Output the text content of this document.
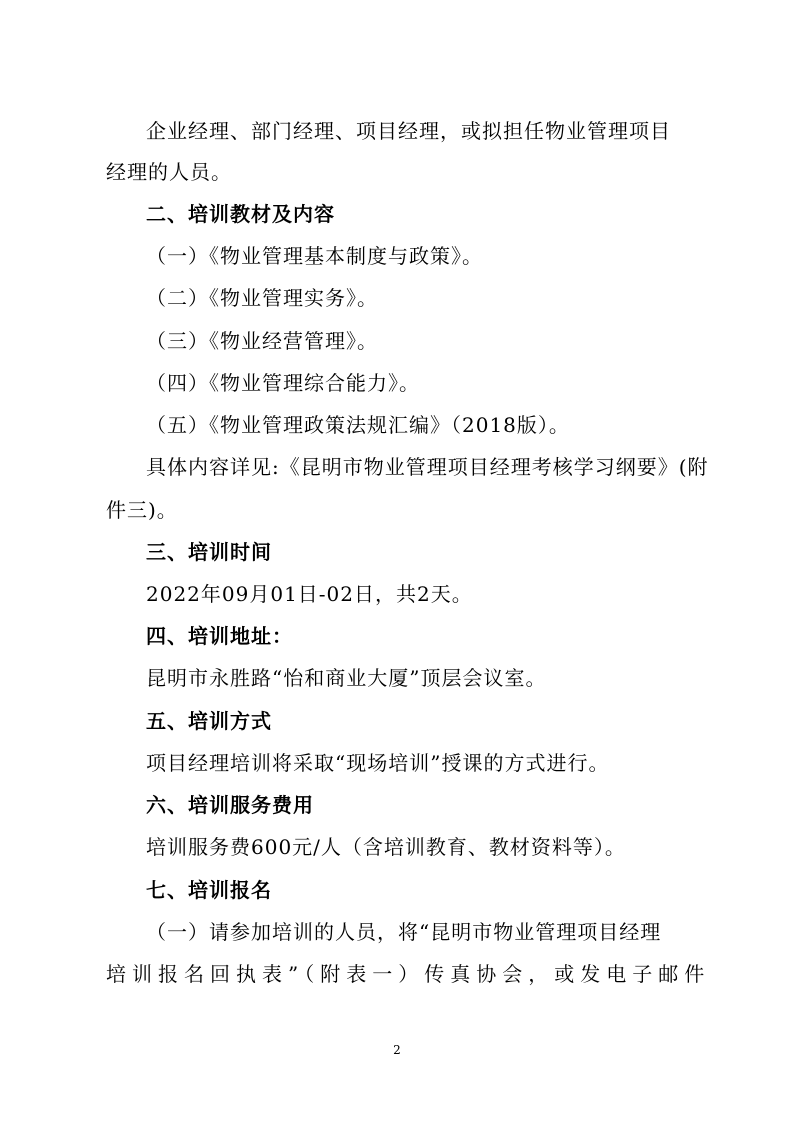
企业经理、部门经理、项目经理，或拟担任物业管理项目
经理的人员。
二、培训教材及内容
（一）《物业管理基本制度与政策》。
（二）《物业管理实务》。
（三）《物业经营管理》。
（四）《物业管理综合能力》。
（五）《物业管理政策法规汇编》（2018版）。
具体内容详见:《昆明市物业管理项目经理考核学习纲要》(附
件三)。
三、培训时间
2022年09月01日-02日，共2天。
四、培训地址：
昆明市永胜路“怡和商业大厦”顶层会议室。
五、培训方式
项目经理培训将采取“现场培训”授课的方式进行。
六、培训服务费用
培训服务费600元/人（含培训教育、教材资料等）。
七、培训报名
（一）请参加培训的人员，将“昆明市物业管理项目经理
培训报名回执表”（附表一）传真协会，或发电子邮件
2
